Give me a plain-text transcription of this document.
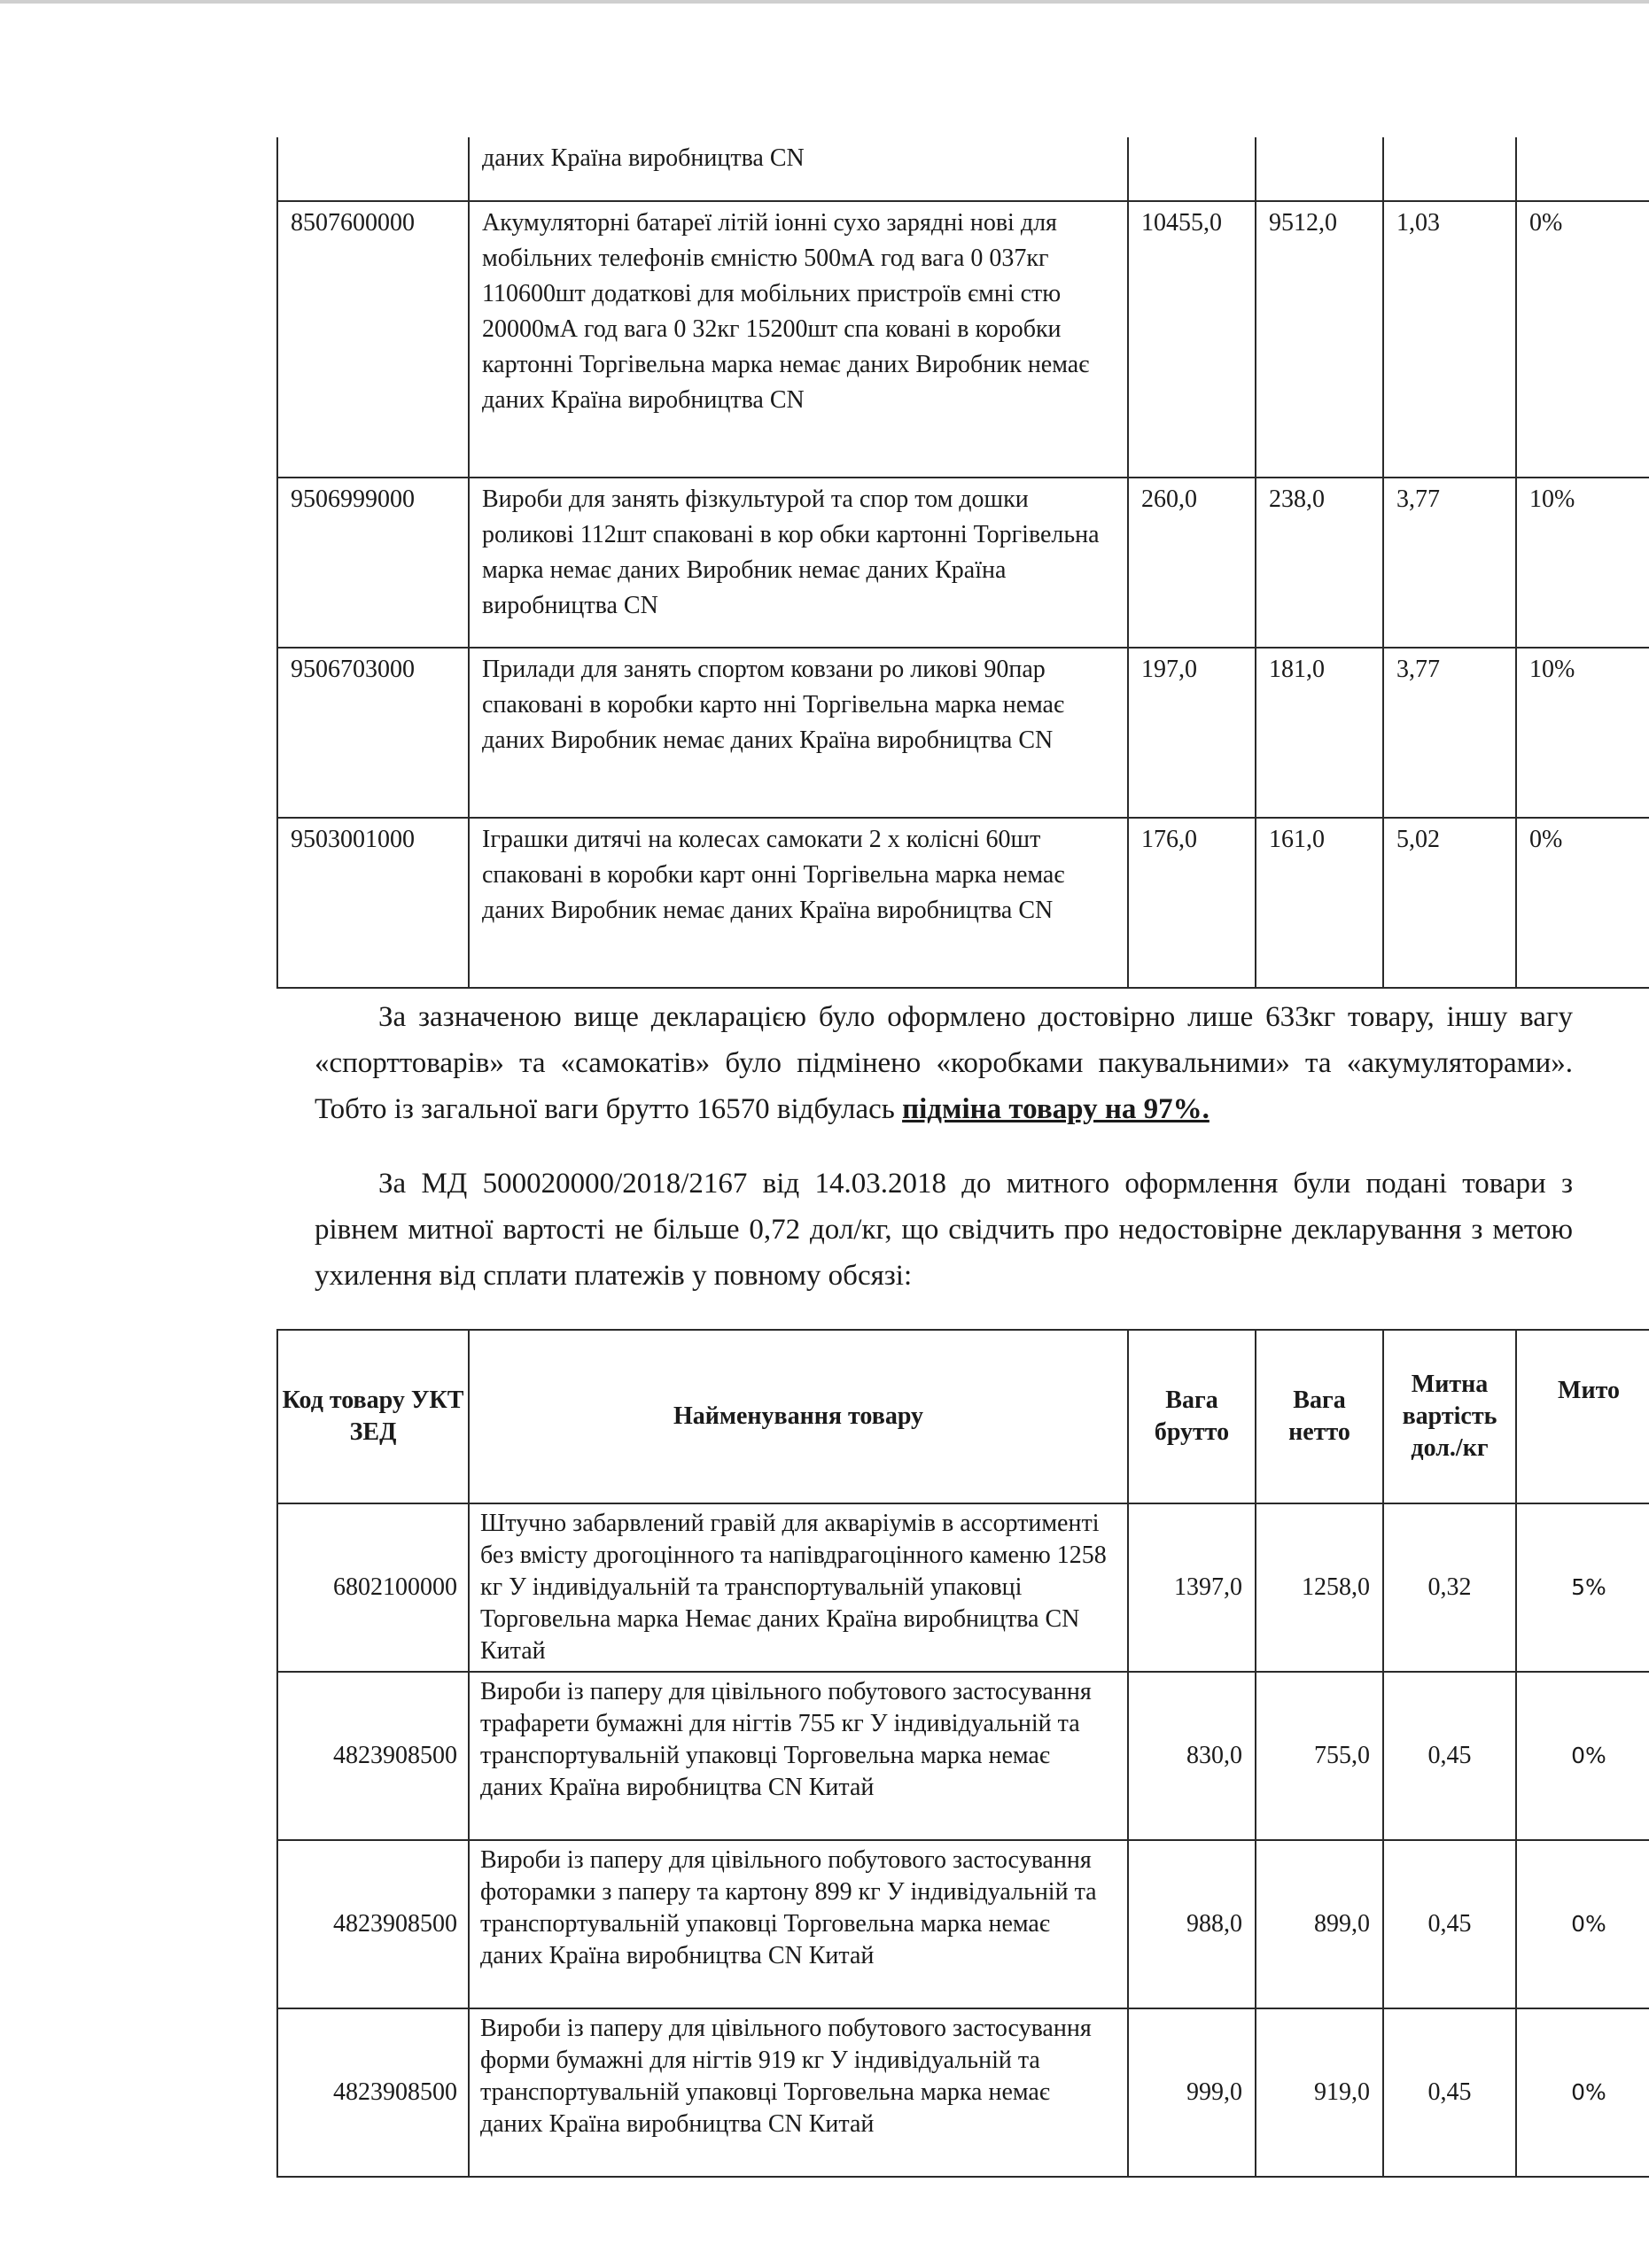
	даних Країна виробництва CN				
8507600000	Акумуляторні батареї літій іонні сухо зарядні нові для мобільних телефонів ємністю 500мА год вага 0 037кг 110600шт додаткові для мобільних пристроїв ємні стю 20000мА год вага 0 32кг 15200шт спа ковані в коробки картонні Торгівельна марка немає даних Виробник немає даних Країна виробництва CN	10455,0	9512,0	1,03	0%
9506999000	Вироби для занять фізкультурой та спор том дошки роликові 112шт спаковані в кор обки картонні Торгівельна марка немає даних Виробник немає даних Країна виробництва CN	260,0	238,0	3,77	10%
9506703000	Прилади для занять спортом ковзани ро ликові 90пар спаковані в коробки карто нні Торгівельна марка немає даних Виробник немає даних Країна виробництва CN	197,0	181,0	3,77	10%
9503001000	Іграшки дитячі на колесах самокати 2 х колісні 60шт спаковані в коробки карт онні Торгівельна марка немає даних Виробник немає даних Країна виробництва CN	176,0	161,0	5,02	0%

За зазначеною вище декларацією було оформлено достовірно лише 633кг товару, іншу вагу «спорттоварів» та «самокатів» було підмінено «коробками пакувальними» та «акумуляторами». Тобто із загальної ваги брутто 16570 відбулась підміна товару на 97%.

За МД 500020000/2018/2167 від 14.03.2018 до митного оформлення були подані товари з рівнем митної вартості не більше 0,72 дол/кг, що свідчить про недостовірне декларування з метою ухилення від сплати платежів у повному обсязі:

Код товару УКТ ЗЕД	Найменування товару	Вага брутто	Вага нетто	Митна вартість дол./кг	Мито
6802100000	Штучно забарвлений гравій для акваріумів в ассортименті без вмісту дрогоцінного та напівдрагоцінного каменю 1258 кг У індивідуальній та транспортувальній упаковці Торговельна марка Немає даних Країна виробництва CN Китай	1397,0	1258,0	0,32	5%
4823908500	Вироби із паперу для цівільного побутового застосування трафарети бумажні для нігтів 755 кг У індивідуальній та транспортувальній упаковці Торговельна марка немає даних Країна виробництва CN Китай	830,0	755,0	0,45	0%
4823908500	Вироби із паперу для цівільного побутового застосування фоторамки з паперу та картону 899 кг У індивідуальній та транспортувальній упаковці Торговельна марка немає даних Країна виробництва CN Китай	988,0	899,0	0,45	0%
4823908500	Вироби із паперу для цівільного побутового застосування форми бумажні для нігтів 919 кг У індивідуальній та транспортувальній упаковці Торговельна марка немає даних Країна виробництва CN Китай	999,0	919,0	0,45	0%
